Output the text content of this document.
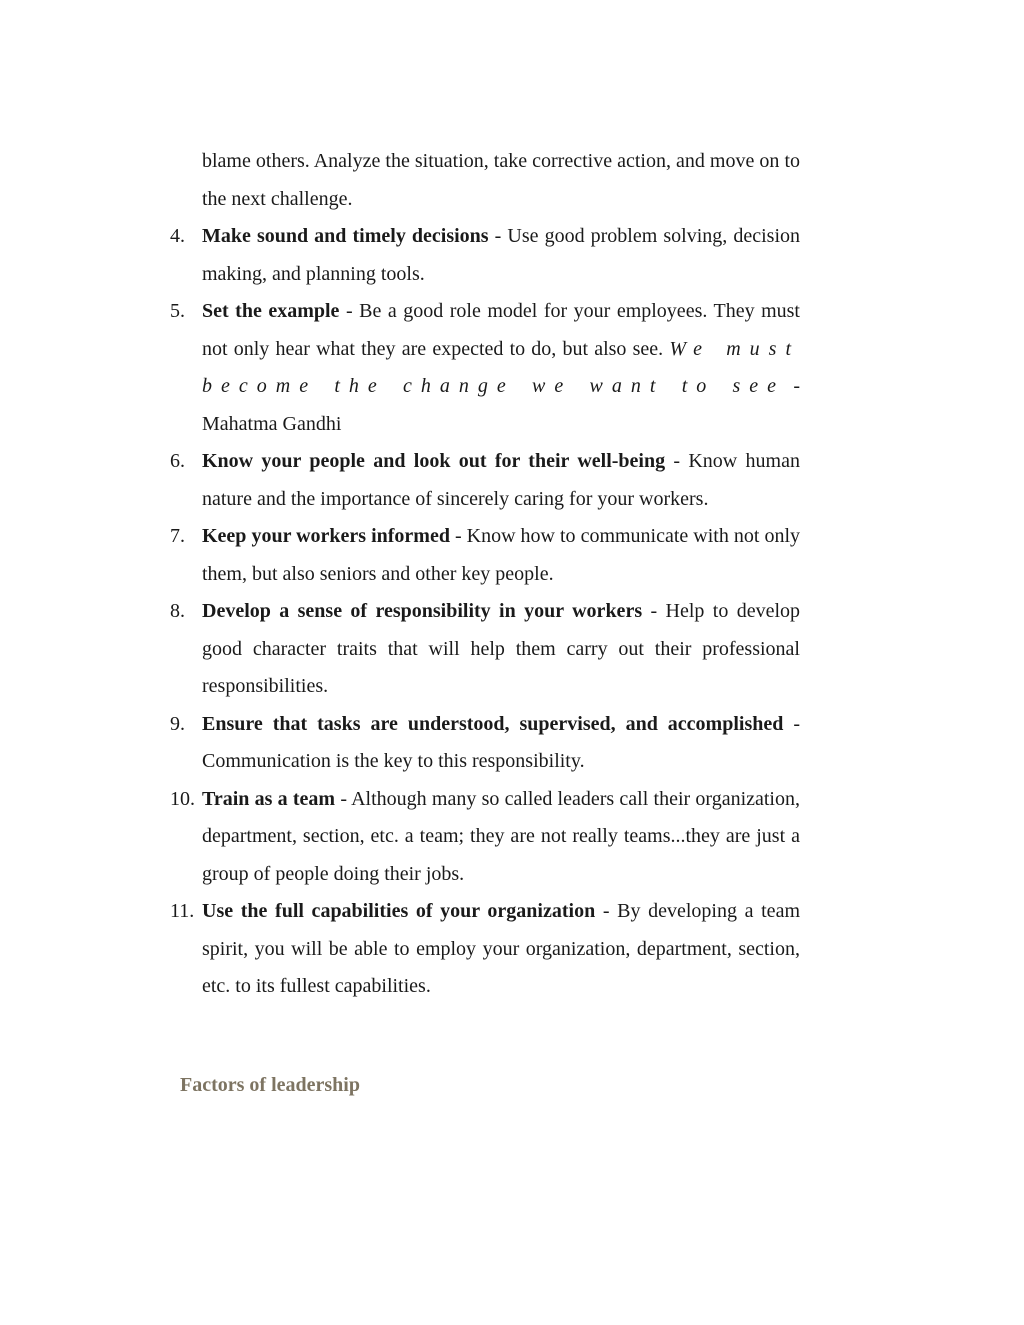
blame others. Analyze the situation, take corrective action, and move on to the next challenge.

4. Make sound and timely decisions - Use good problem solving, decision making, and planning tools.
5. Set the example - Be a good role model for your employees. They must not only hear what they are expected to do, but also see. We must become the change we want to see - Mahatma Gandhi
6. Know your people and look out for their well-being - Know human nature and the importance of sincerely caring for your workers.
7. Keep your workers informed - Know how to communicate with not only them, but also seniors and other key people.
8. Develop a sense of responsibility in your workers - Help to develop good character traits that will help them carry out their professional responsibilities.
9. Ensure that tasks are understood, supervised, and accomplished - Communication is the key to this responsibility.
10. Train as a team - Although many so called leaders call their organization, department, section, etc. a team; they are not really teams...they are just a group of people doing their jobs.
11. Use the full capabilities of your organization - By developing a team spirit, you will be able to employ your organization, department, section, etc. to its fullest capabilities.
Factors of leadership
